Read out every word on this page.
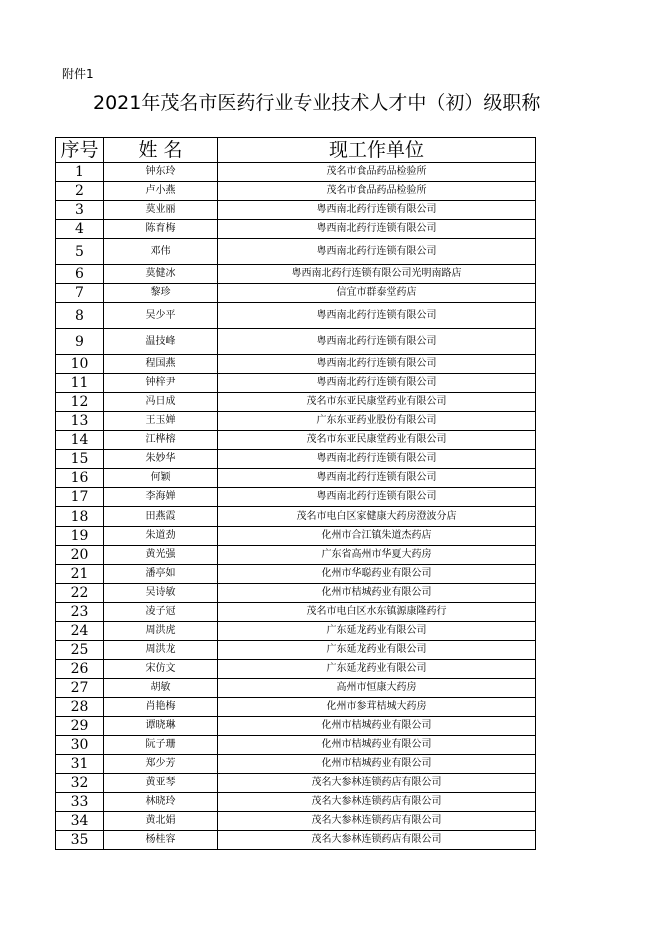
附件1
2021年茂名市医药行业专业技术人才中（初）级职称
序号	姓 名	现工作单位
1	钟东玲	茂名市食品药品检验所
2	卢小燕	茂名市食品药品检验所
3	莫业丽	粤西南北药行连锁有限公司
4	陈育梅	粤西南北药行连锁有限公司
5	邓伟	粤西南北药行连锁有限公司
6	莫健冰	粤西南北药行连锁有限公司光明南路店
7	黎珍	信宜市群泰堂药店
8	吴少平	粤西南北药行连锁有限公司
9	温技峰	粤西南北药行连锁有限公司
10	程国燕	粤西南北药行连锁有限公司
11	钟梓尹	粤西南北药行连锁有限公司
12	冯日成	茂名市东亚民康堂药业有限公司
13	王玉婵	广东东亚药业股份有限公司
14	江桦榕	茂名市东亚民康堂药业有限公司
15	朱妙华	粤西南北药行连锁有限公司
16	何颖	粤西南北药行连锁有限公司
17	李海婵	粤西南北药行连锁有限公司
18	田燕霞	茂名市电白区家健康大药房澄波分店
19	朱道劲	化州市合江镇朱道杰药店
20	黄光强	广东省高州市华夏大药房
21	潘亭如	化州市华聪药业有限公司
22	吴诗敏	化州市桔城药业有限公司
23	凌子冠	茂名市电白区水东镇源康隆药行
24	周洪虎	广东延龙药业有限公司
25	周洪龙	广东延龙药业有限公司
26	宋仿文	广东延龙药业有限公司
27	胡敏	高州市恒康大药房
28	肖艳梅	化州市参茸桔城大药房
29	谭晓琳	化州市桔城药业有限公司
30	阮子珊	化州市桔城药业有限公司
31	郑少芳	化州市桔城药业有限公司
32	黄亚琴	茂名大参林连锁药店有限公司
33	林晓玲	茂名大参林连锁药店有限公司
34	黄北娟	茂名大参林连锁药店有限公司
35	杨桂容	茂名大参林连锁药店有限公司
